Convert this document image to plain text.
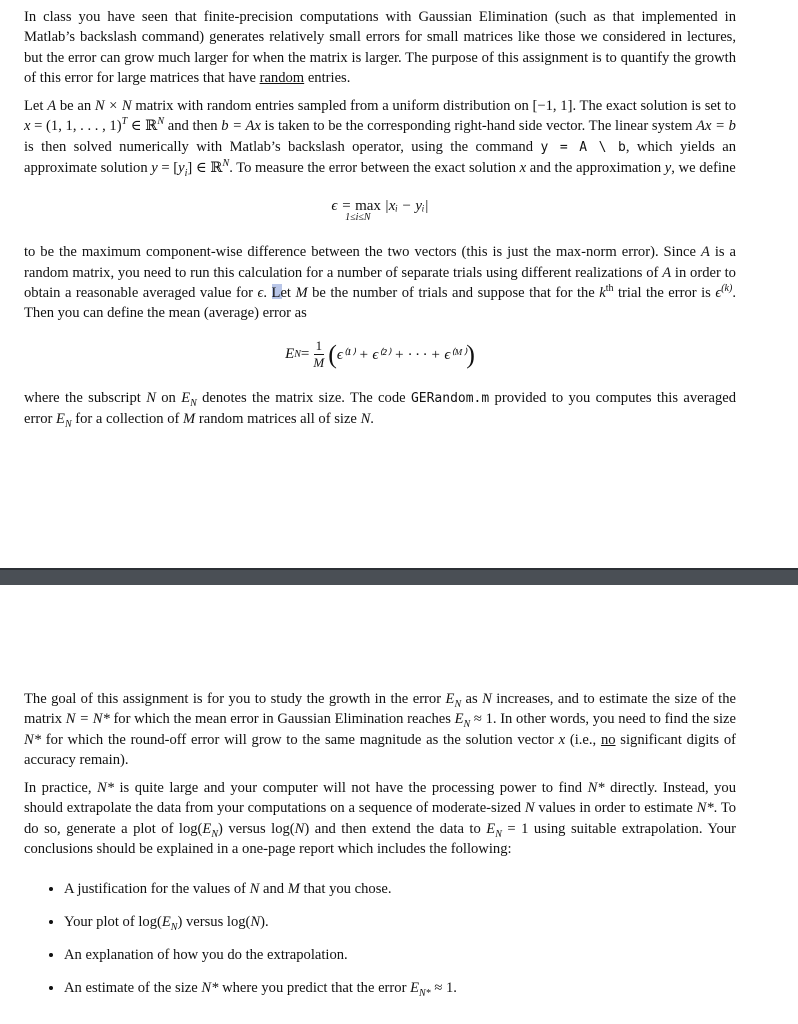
In class you have seen that finite-precision computations with Gaussian Elimination (such as that implemented in Matlab’s backslash command) generates relatively small errors for small matrices like those we considered in lectures, but the error can grow much larger for when the matrix is larger. The purpose of this assignment is to quantify the growth of this error for large matrices that have random entries.

Let A be an N × N matrix with random entries sampled from a uniform distribution on [−1, 1]. The exact solution is set to x = (1, 1, . . . , 1)$^T$ ∈ ℝ$^N$ and then b = Ax is taken to be the corresponding right-hand side vector. The linear system Ax = b is then solved numerically with Matlab’s backslash operator, using the command y = A \ b, which yields an approximate solution $y = [y_i]$ ∈ ℝ$^N$. To measure the error between the exact solution x and the approximation y, we define

ϵ = max
1≤i≤N
|xᵢ − yᵢ|

to be the maximum component-wise difference between the two vectors (this is just the max-norm error). Since A is a random matrix, you need to run this calculation for a number of separate trials using different realizations of A in order to obtain a reasonable averaged value for ϵ. Let M be the number of trials and suppose that for the $k^{th}$ trial the error is $\epsilon^{(k)}$. Then you can define the mean (average) error as

E $N = \frac{1}{M}$ ( ϵ⁽¹⁾ + ϵ⁽²⁾ + · · · + ϵ⁽ᴹ⁾ )

where the subscript N on $E_N$ denotes the matrix size. The code GERandom.m provided to you computes this averaged error $E_N$ for a collection of M random matrices all of size N.

The goal of this assignment is for you to study the growth in the error $E_N$ as N increases, and to estimate the size of the matrix N = N* for which the mean error in Gaussian Elimination reaches $E_N \approx 1$. In other words, you need to find the size N* for which the round-off error will grow to the same magnitude as the solution vector x (i.e., no significant digits of accuracy remain).

In practice, N* is quite large and your computer will not have the processing power to find N* directly. Instead, you should extrapolate the data from your computations on a sequence of moderate-sized N values in order to estimate N*. To do so, generate a plot of $\log(E_N)$ versus log(N) and then extend the data to $E_N = 1$ using suitable extrapolation. Your conclusions should be explained in a one-page report which includes the following:

• A justification for the values of N and M that you chose.
• Your plot of $\log(E_N)$ versus log(N).
• An explanation of how you do the extrapolation.
• An estimate of the size N* where you predict that the error $E_{N*} \approx 1$.
